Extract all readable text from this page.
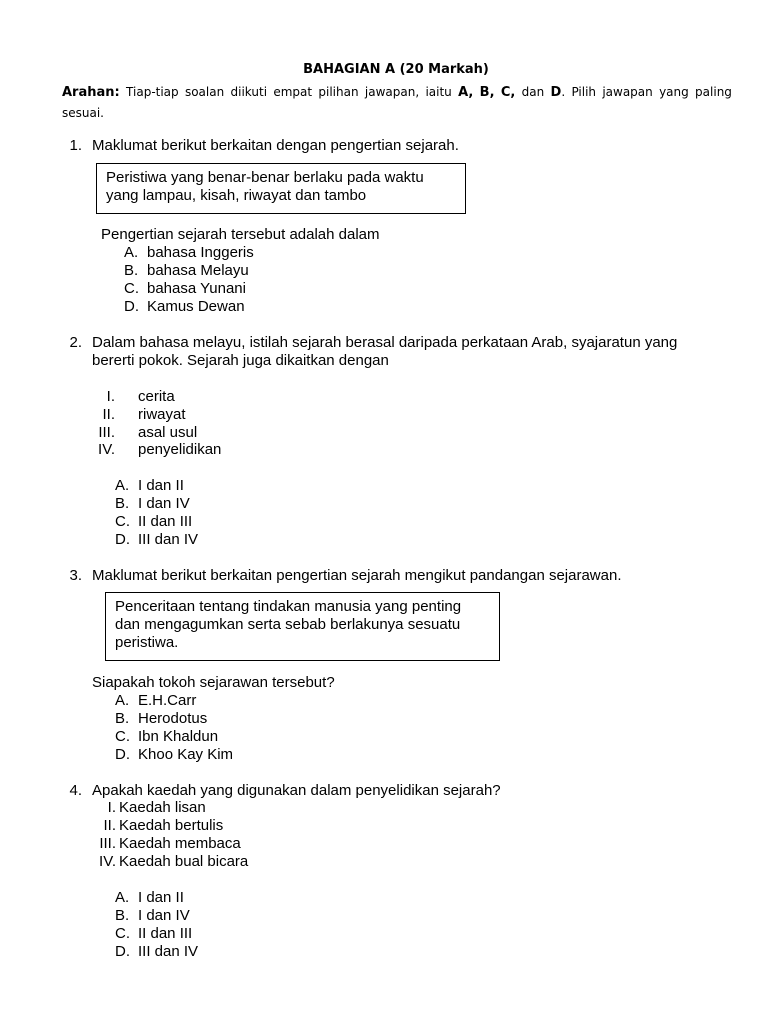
BAHAGIAN A (20 Markah)
Arahan: Tiap-tiap soalan diikuti empat pilihan jawapan, iaitu A, B, C, dan D. Pilih jawapan yang paling sesuai.
1. Maklumat berikut berkaitan dengan pengertian sejarah.
Peristiwa yang benar-benar berlaku pada waktu
yang lampau, kisah, riwayat dan tambo
Pengertian sejarah tersebut adalah dalam
A. bahasa Inggeris
B. bahasa Melayu
C. bahasa Yunani
D. Kamus Dewan
2. Dalam bahasa melayu, istilah sejarah berasal daripada perkataan Arab, syajaratun yang
bererti pokok. Sejarah juga dikaitkan dengan
I. cerita
II. riwayat
III. asal usul
IV. penyelidikan
A. I dan II
B. I dan IV
C. II dan III
D. III dan IV
3. Maklumat berikut berkaitan pengertian sejarah mengikut pandangan sejarawan.
Penceritaan tentang tindakan manusia yang penting
dan mengagumkan serta sebab berlakunya sesuatu
peristiwa.
Siapakah tokoh sejarawan tersebut?
A. E.H.Carr
B. Herodotus
C. Ibn Khaldun
D. Khoo Kay Kim
4. Apakah kaedah yang digunakan dalam penyelidikan sejarah?
I. Kaedah lisan
II. Kaedah bertulis
III. Kaedah membaca
IV. Kaedah bual bicara
A. I dan II
B. I dan IV
C. II dan III
D. III dan IV
